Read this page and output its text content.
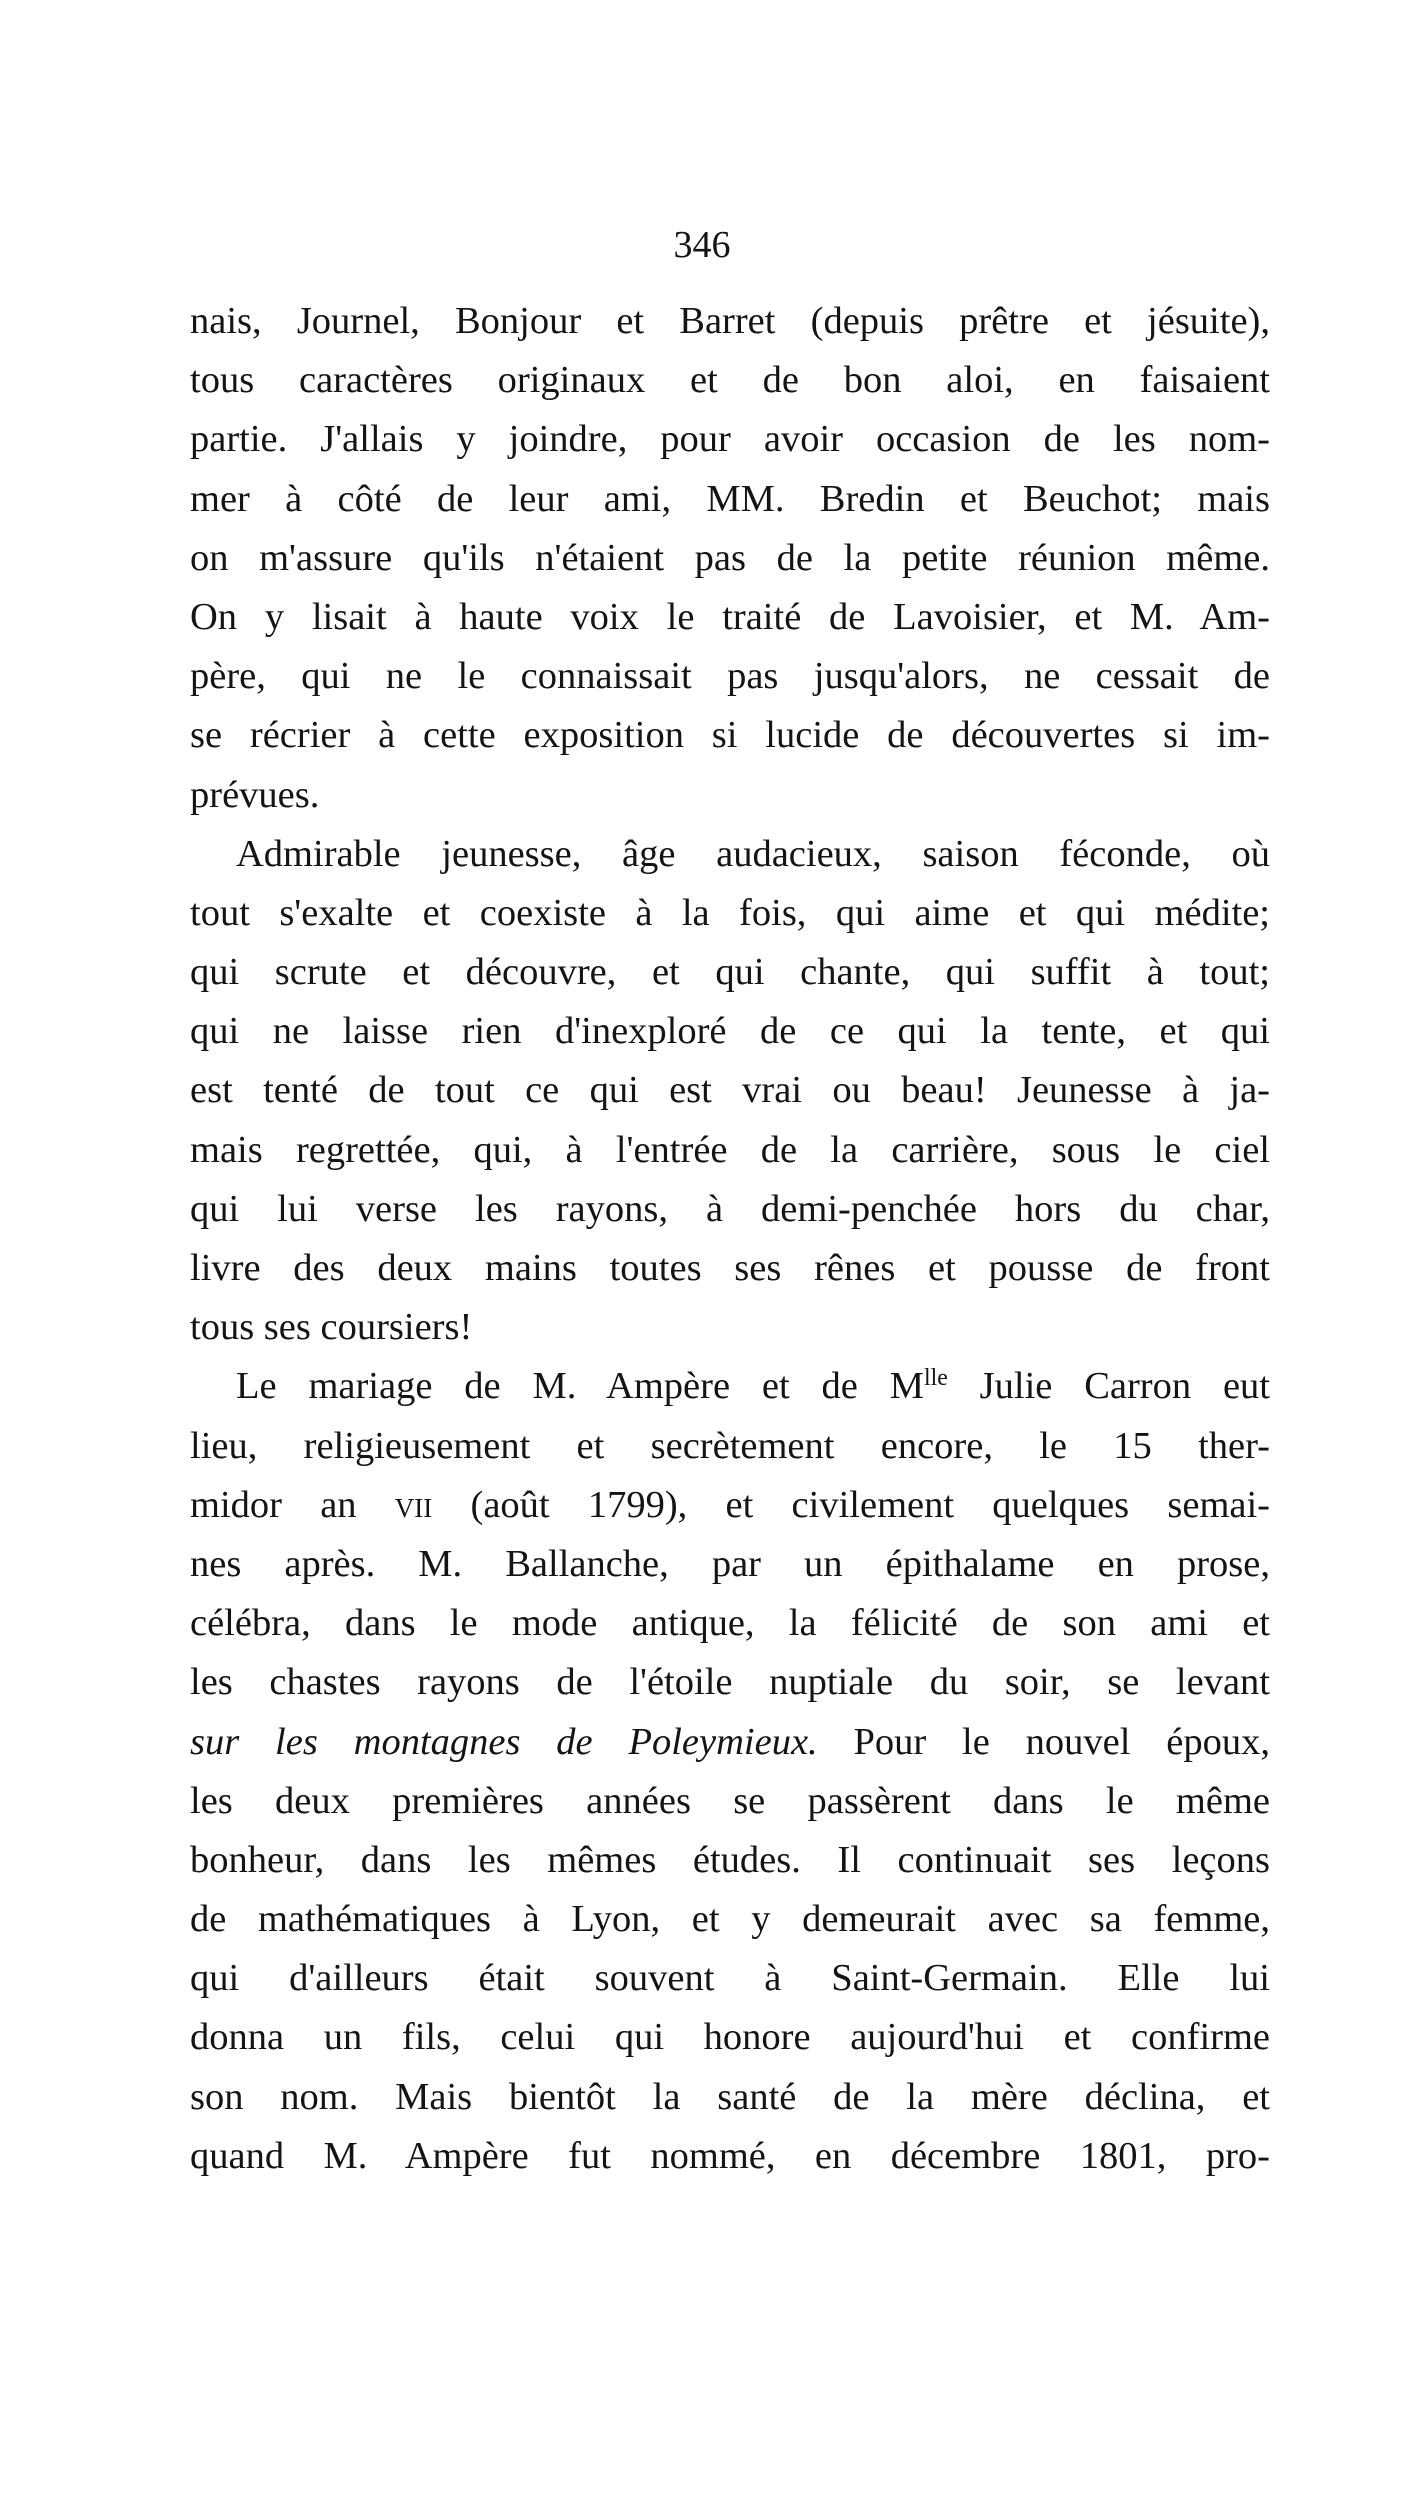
346
nais, Journel, Bonjour et Barret (depuis prêtre et jésuite),
tous caractères originaux et de bon aloi, en faisaient
partie. J'allais y joindre, pour avoir occasion de les nom-
mer à côté de leur ami, MM. Bredin et Beuchot; mais
on m'assure qu'ils n'étaient pas de la petite réunion même.
On y lisait à haute voix le traité de Lavoisier, et M. Am-
père, qui ne le connaissait pas jusqu'alors, ne cessait de
se récrier à cette exposition si lucide de découvertes si im-
prévues.
Admirable jeunesse, âge audacieux, saison féconde, où
tout s'exalte et coexiste à la fois, qui aime et qui médite;
qui scrute et découvre, et qui chante, qui suffit à tout;
qui ne laisse rien d'inexploré de ce qui la tente, et qui
est tenté de tout ce qui est vrai ou beau! Jeunesse à ja-
mais regrettée, qui, à l'entrée de la carrière, sous le ciel
qui lui verse les rayons, à demi-penchée hors du char,
livre des deux mains toutes ses rênes et pousse de front
tous ses coursiers!
Le mariage de M. Ampère et de $M^{lle}$ Julie Carron eut
lieu, religieusement et secrètement encore, le 15 ther-
midor an vii (août 1799), et civilement quelques semai-
nes après. M. Ballanche, par un épithalame en prose,
célébra, dans le mode antique, la félicité de son ami et
les chastes rayons de l'étoile nuptiale du soir, se levant
sur les montagnes de Poleymieux. Pour le nouvel époux,
les deux premières années se passèrent dans le même
bonheur, dans les mêmes études. Il continuait ses leçons
de mathématiques à Lyon, et y demeurait avec sa femme,
qui d'ailleurs était souvent à Saint-Germain. Elle lui
donna un fils, celui qui honore aujourd'hui et confirme
son nom. Mais bientôt la santé de la mère déclina, et
quand M. Ampère fut nommé, en décembre 1801, pro-
